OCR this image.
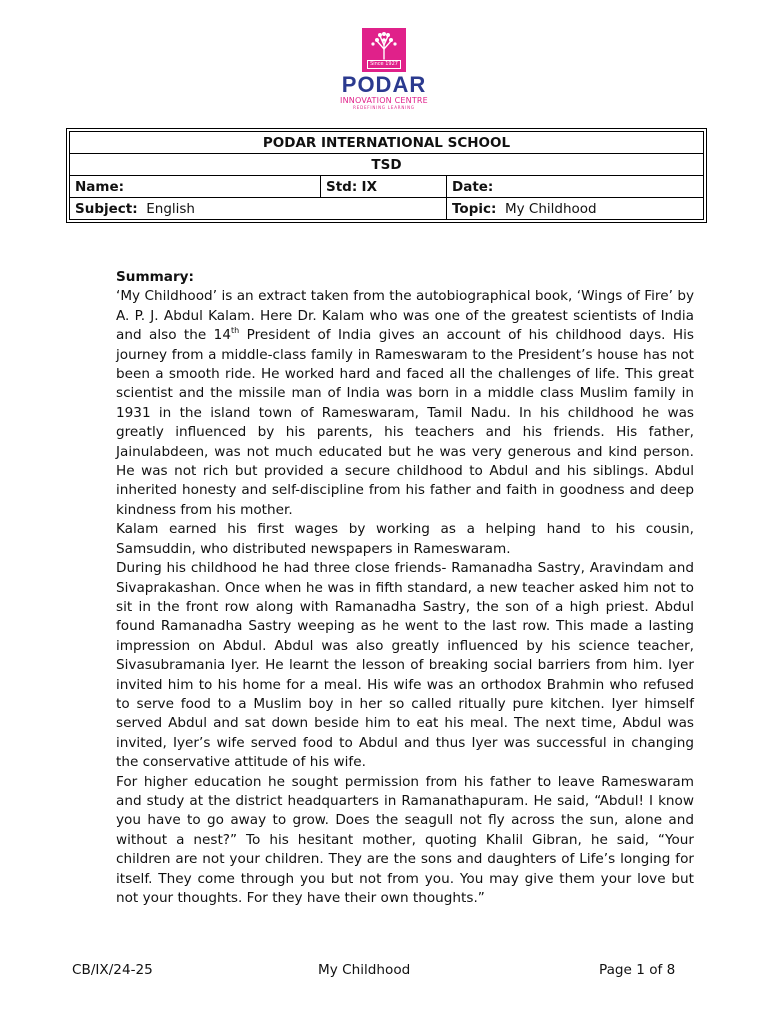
Since 1927
PODAR
INNOVATION CENTRE
REDEFINING LEARNING
PODAR INTERNATIONAL SCHOOL		
TSD		
Name:	Std: IX	Date:
Subject: English		Topic: My Childhood

Summary:

‘My Childhood’ is an extract taken from the autobiographical book, ‘Wings of Fire’ by A. P. J. Abdul Kalam. Here Dr. Kalam who was one of the greatest scientists of India and also the 14th President of India gives an account of his childhood days. His journey from a middle-class family in Rameswaram to the President’s house has not been a smooth ride. He worked hard and faced all the challenges of life. This great scientist and the missile man of India was born in a middle class Muslim family in 1931 in the island town of Rameswaram, Tamil Nadu. In his childhood he was greatly influenced by his parents, his teachers and his friends. His father, Jainulabdeen, was not much educated but he was very generous and kind person. He was not rich but provided a secure childhood to Abdul and his siblings. Abdul inherited honesty and self-discipline from his father and faith in goodness and deep kindness from his mother.

Kalam earned his first wages by working as a helping hand to his cousin, Samsuddin, who distributed newspapers in Rameswaram.

During his childhood he had three close friends- Ramanadha Sastry, Aravindam and Sivaprakashan. Once when he was in fifth standard, a new teacher asked him not to sit in the front row along with Ramanadha Sastry, the son of a high priest. Abdul found Ramanadha Sastry weeping as he went to the last row. This made a lasting impression on Abdul. Abdul was also greatly influenced by his science teacher, Sivasubramania Iyer. He learnt the lesson of breaking social barriers from him. Iyer invited him to his home for a meal. His wife was an orthodox Brahmin who refused to serve food to a Muslim boy in her so called ritually pure kitchen. Iyer himself served Abdul and sat down beside him to eat his meal. The next time, Abdul was invited, Iyer’s wife served food to Abdul and thus Iyer was successful in changing the conservative attitude of his wife.

For higher education he sought permission from his father to leave Rameswaram and study at the district headquarters in Ramanathapuram. He said, “Abdul! I know you have to go away to grow. Does the seagull not fly across the sun, alone and without a nest?” To his hesitant mother, quoting Khalil Gibran, he said, “Your children are not your children. They are the sons and daughters of Life’s longing for itself. They come through you but not from you. You may give them your love but not your thoughts. For they have their own thoughts.”

CB/IX/24-25	My Childhood	Page 1 of 8
